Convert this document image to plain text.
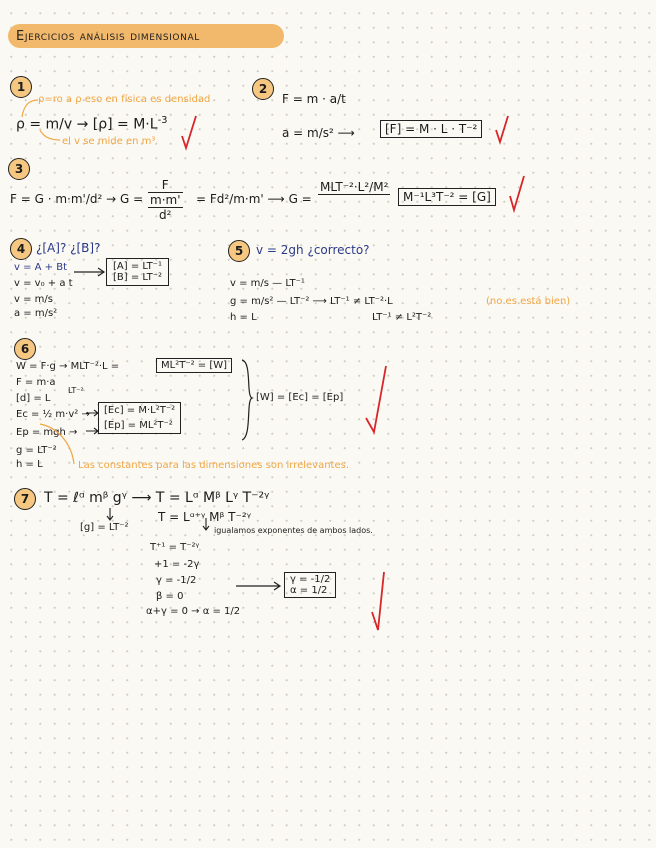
Ejercicios análisis dimensional
1
ρ=ro a ρ eso en física es densidad
$\rho = m/v \to [\rho] = M\cdot L^{-3}$
el v se mide en m³
2
F = m · a/t
a = m/s² ⟶	[F] = M · L · T⁻²
3
F = G · m·m'/d² → G =
F
m·m'
d²
= Fd²/m·m' ⟶ G =
MLT⁻²·L²/M²

M⁻¹L³T⁻² = [G]
4 ¿[A]? ¿[B]?
v = A + Bt
v = v₀ + a t
v = m/s
a = m/s²
[A] = LT⁻¹
[B] = LT⁻²
5	v = 2gh ¿correcto?
v = m/s — LT⁻¹
g = m/s² — LT⁻² ⟶ LT⁻¹ ≠ LT⁻²·L
h = L	LT⁻¹ ≠ L²T⁻²
(no es está bien)
6
W = F·g → MLT⁻²·L =	ML²T⁻² = [W]
F = m·a
LT⁻²
[d] = L
Ec = ½ m·v² →
Ep = mgh →
[Ec] = M·L²T⁻²
[Ep] = ML²T⁻²
g = LT⁻²
h = L
[W] = [Ec] = [Ep]
Las constantes para las dimensiones son irrelevantes.
7	T = ℓᵅ mᵝ gᵞ ⟶ T = Lᵅ Mᵝ Lᵞ T⁻²ᵞ
T = Lᵅ⁺ᵞ Mᵝ T⁻²ᵞ
[g] = LT⁻²	igualamos exponentes de ambos lados.
T⁺¹ = T⁻²ᵞ
+1 = -2γ
γ = -1/2
β = 0
α+γ = 0 → α = 1/2
γ = -1/2
α = 1/2
